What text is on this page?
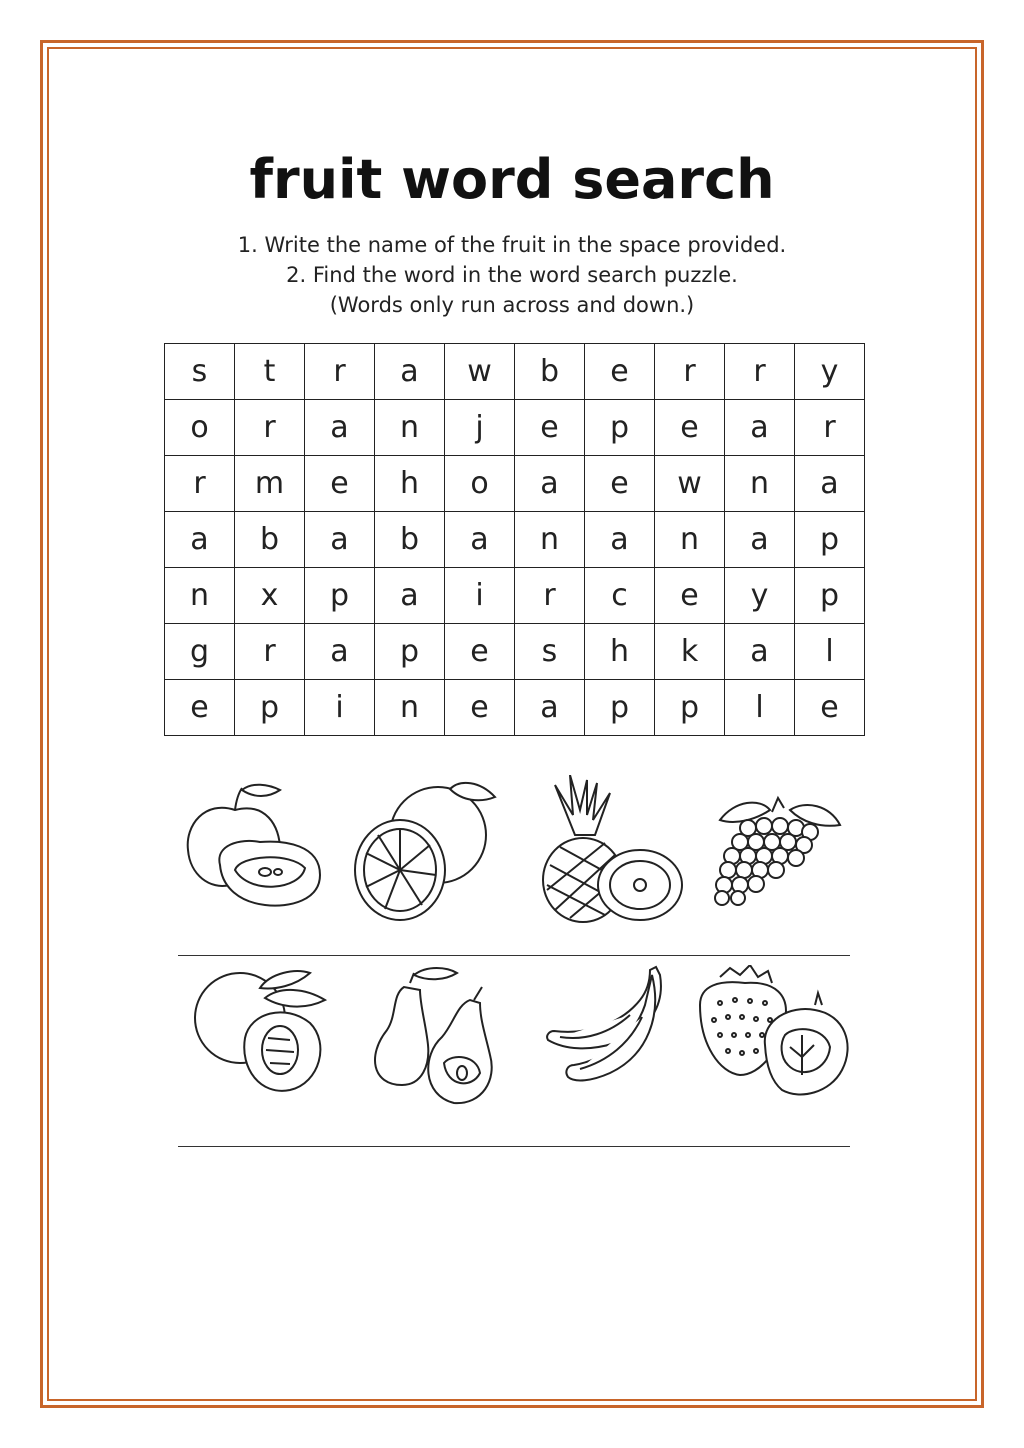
fruit word search
1. Write the name of the fruit in the space provided.
2. Find the word in the word search puzzle.
(Words only run across and down.)
s	t	r	a	w	b	e	r	r	y
o	r	a	n	j	e	p	e	a	r
r	m	e	h	o	a	e	w	n	a
a	b	a	b	a	n	a	n	a	p
n	x	p	a	i	r	c	e	y	p
g	r	a	p	e	s	h	k	a	l
e	p	i	n	e	a	p	p	l	e
